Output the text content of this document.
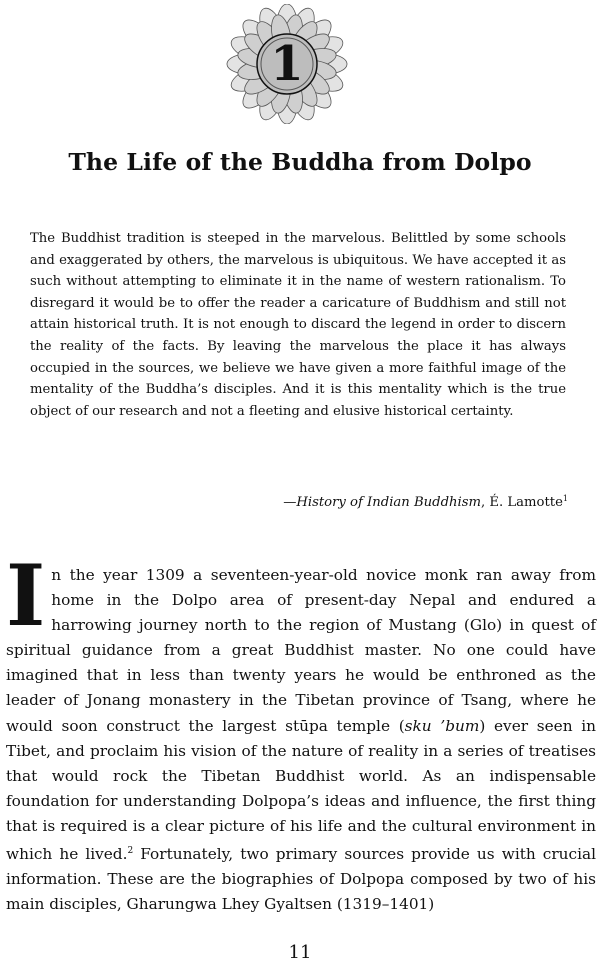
1
The Life of the Buddha from Dolpo
The Buddhist tradition is steeped in the marvelous. Belittled by some schools and exaggerated by others, the marvelous is ubiquitous. We have accepted it as such without attempting to eliminate it in the name of western rationalism. To disregard it would be to offer the reader a caricature of Buddhism and still not attain historical truth. It is not enough to discard the legend in order to discern the reality of the facts. By leaving the marvelous the place it has always occupied in the sources, we believe we have given a more faithful image of the mentality of the Buddha’s disciples. And it is this mentality which is the true object of our research and not a fleeting and elusive historical certainty.
—History of Indian Buddhism, É. Lamotte$^1$
In the year 1309 a seventeen-year-old novice monk ran away from home in the Dolpo area of present-day Nepal and endured a harrowing journey north to the region of Mustang (Glo) in quest of spiritual guidance from a great Buddhist master. No one could have imagined that in less than twenty years he would be enthroned as the leader of Jonang monastery in the Tibetan province of Tsang, where he would soon construct the largest stūpa temple (sku ’bum) ever seen in Tibet, and proclaim his vision of the nature of reality in a series of treatises that would rock the Tibetan Buddhist world. As an indispensable foundation for understanding Dolpopa’s ideas and influence, the first thing that is required is a clear picture of his life and the cultural environment in which he lived.$^2$ Fortunately, two primary sources provide us with crucial information. These are the biographies of Dolpopa composed by two of his main disciples, Gharungwa Lhey Gyaltsen (1319–1401)
11
